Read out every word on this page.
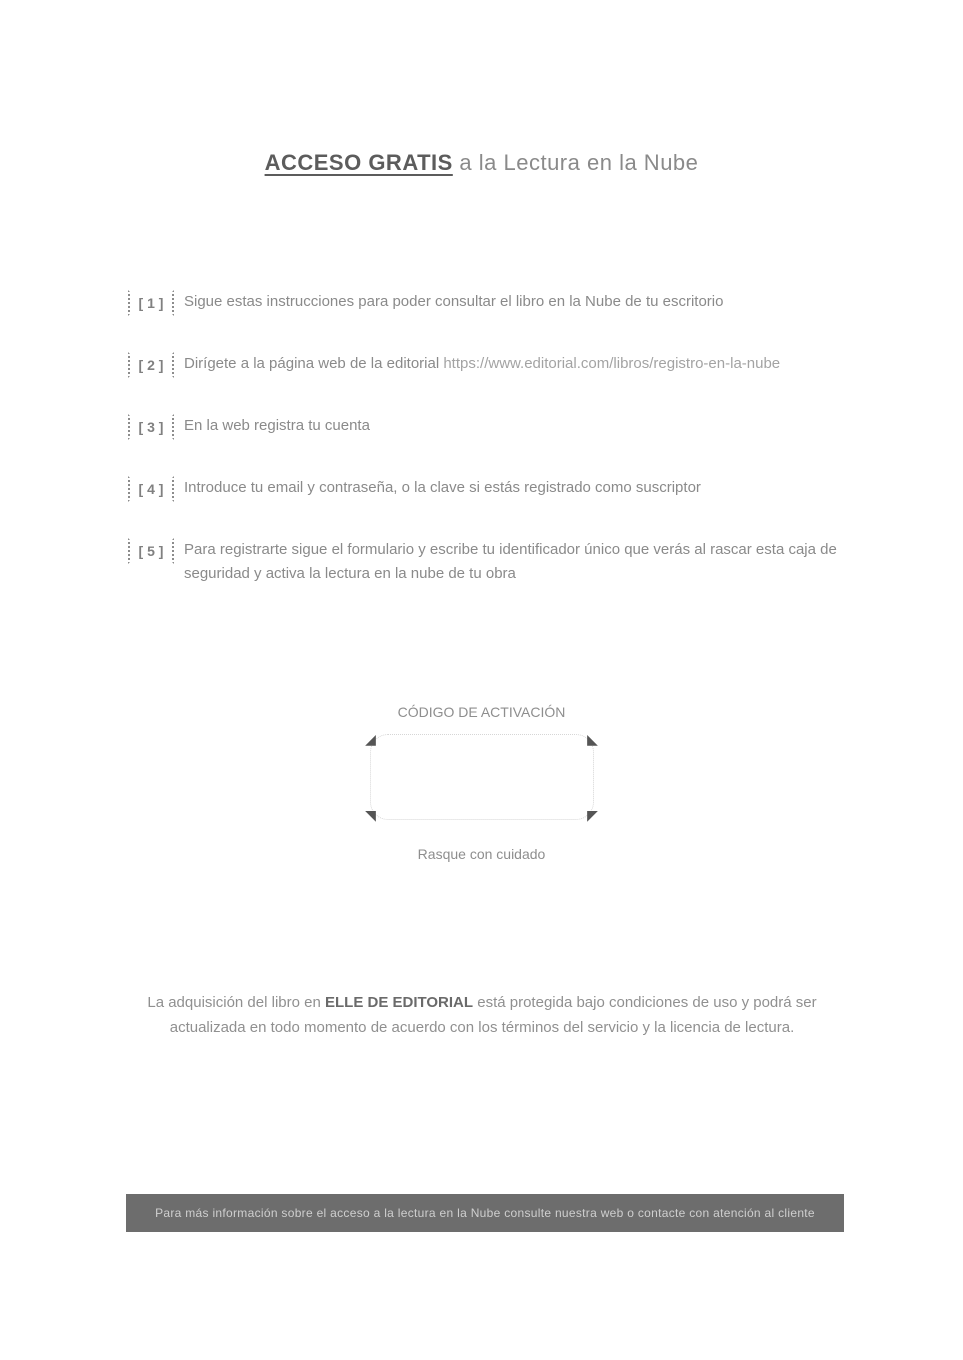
ACCESO GRATIS a la Lectura en la Nube
[ 1 ]	Sigue estas instrucciones para poder consultar el libro en la Nube de tu escritorio
[ 2 ]	Dirígete a la página web de la editorial https://www.editorial.com/libros/registro-en-la-nube
[ 3 ]	En la web registra tu cuenta
[ 4 ]	Introduce tu email y contraseña, o la clave si estás registrado como suscriptor
[ 5 ]	Para registrarte sigue el formulario y escribe tu identificador único que verás al rascar esta caja de seguridad y activa la lectura en la nube de tu obra
CÓDIGO DE ACTIVACIÓN
◢	◣
◥	◤
Rasque con cuidado
La adquisición del libro en ELLE DE EDITORIAL está protegida bajo condiciones de uso y podrá ser actualizada en todo momento de acuerdo con los términos del servicio y la licencia de lectura.
Para más información sobre el acceso a la lectura en la Nube consulte nuestra web o contacte con atención al cliente
